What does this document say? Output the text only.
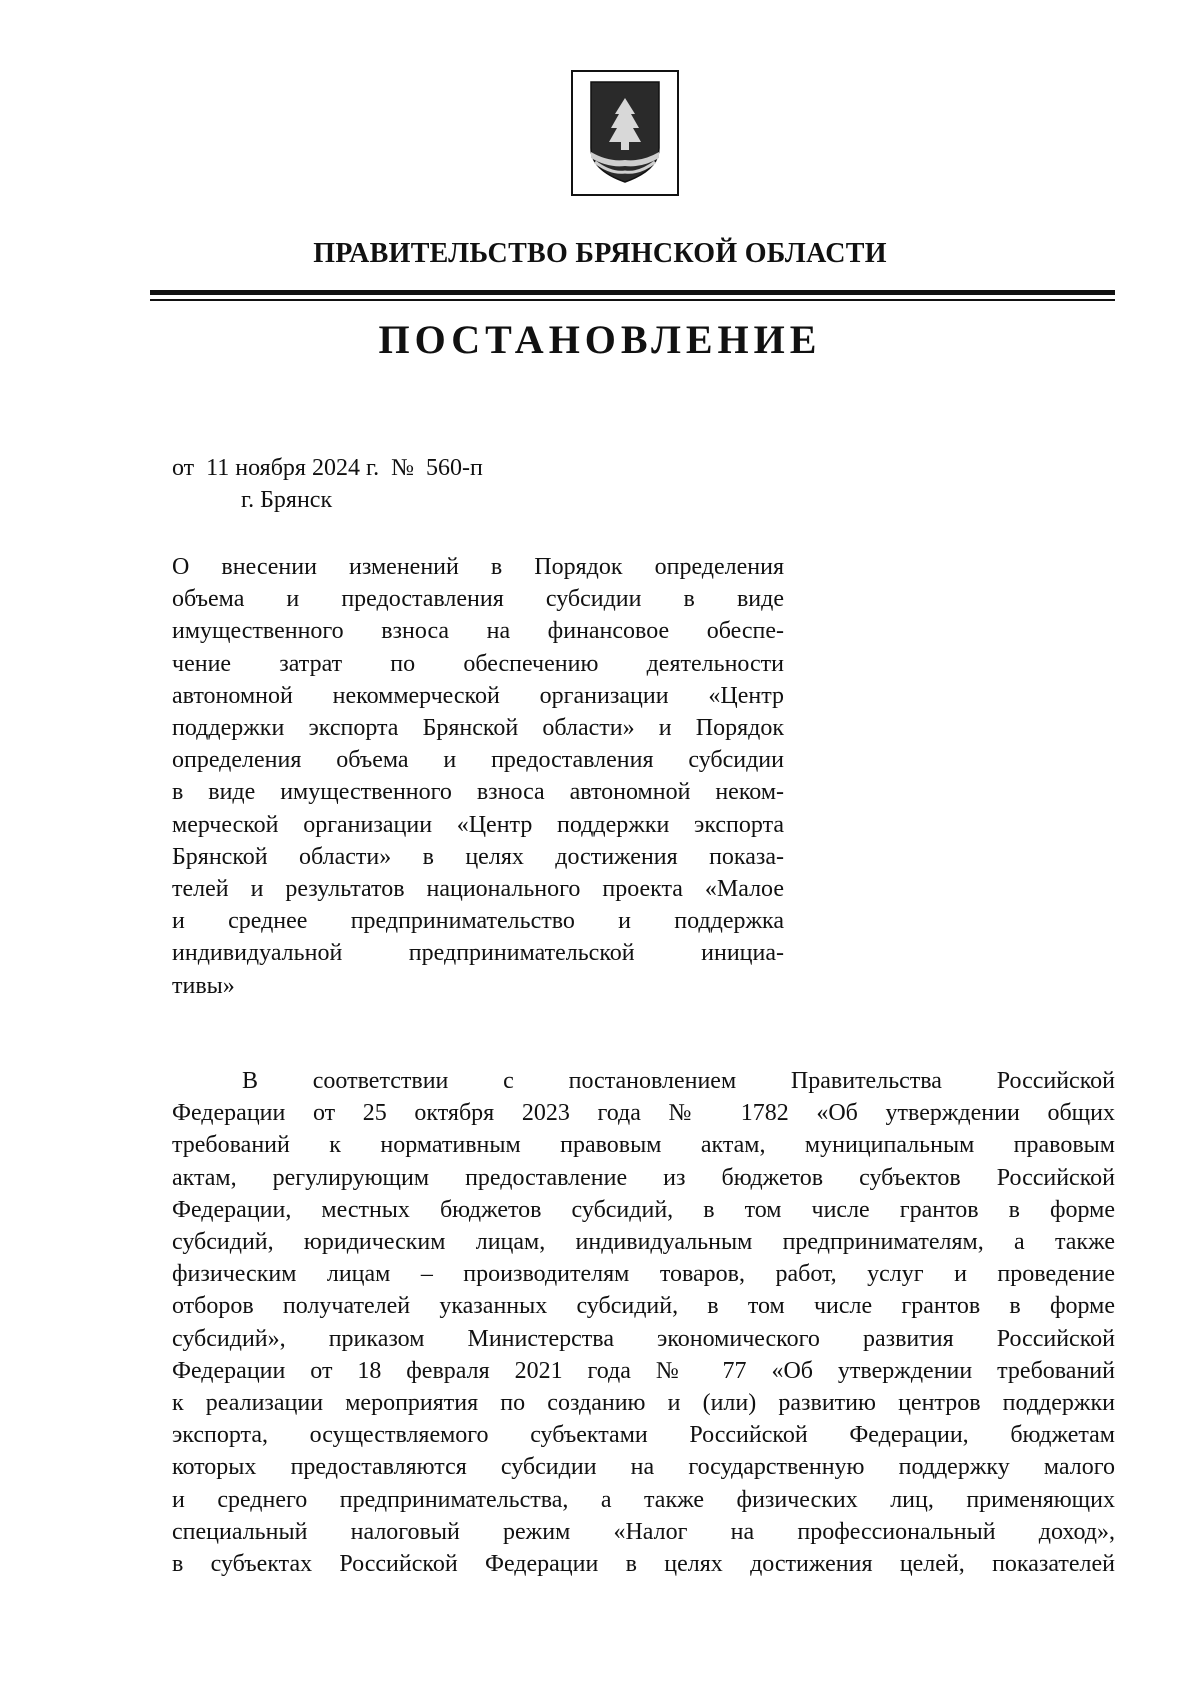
ПРАВИТЕЛЬСТВО БРЯНСКОЙ ОБЛАСТИ
ПОСТАНОВЛЕНИЕ
от  11 ноября 2024 г.  №  560-п
г. Брянск
О внесении изменений в Порядок определения
объема и предоставления субсидии в виде
имущественного взноса на финансовое обеспе-
чение затрат по обеспечению деятельности
автономной некоммерческой организации «Центр
поддержки экспорта Брянской области» и Порядок
определения объема и предоставления субсидии
в виде имущественного взноса автономной неком-
мерческой организации «Центр поддержки экспорта
Брянской области» в целях достижения показа-
телей и результатов национального проекта «Малое
и среднее предпринимательство и поддержка
индивидуальной предпринимательской инициа-
тивы»
В соответствии с постановлением Правительства Российской
Федерации от 25 октября 2023 года № 1782 «Об утверждении общих
требований к нормативным правовым актам, муниципальным правовым
актам, регулирующим предоставление из бюджетов субъектов Российской
Федерации, местных бюджетов субсидий, в том числе грантов в форме
субсидий, юридическим лицам, индивидуальным предпринимателям, а также
физическим лицам – производителям товаров, работ, услуг и проведение
отборов получателей указанных субсидий, в том числе грантов в форме
субсидий», приказом Министерства экономического развития Российской
Федерации от 18 февраля 2021 года № 77 «Об утверждении требований
к реализации мероприятия по созданию и (или) развитию центров поддержки
экспорта, осуществляемого субъектами Российской Федерации, бюджетам
которых предоставляются субсидии на государственную поддержку малого
и среднего предпринимательства, а также физических лиц, применяющих
специальный налоговый режим «Налог на профессиональный доход»,
в субъектах Российской Федерации в целях достижения целей, показателей
